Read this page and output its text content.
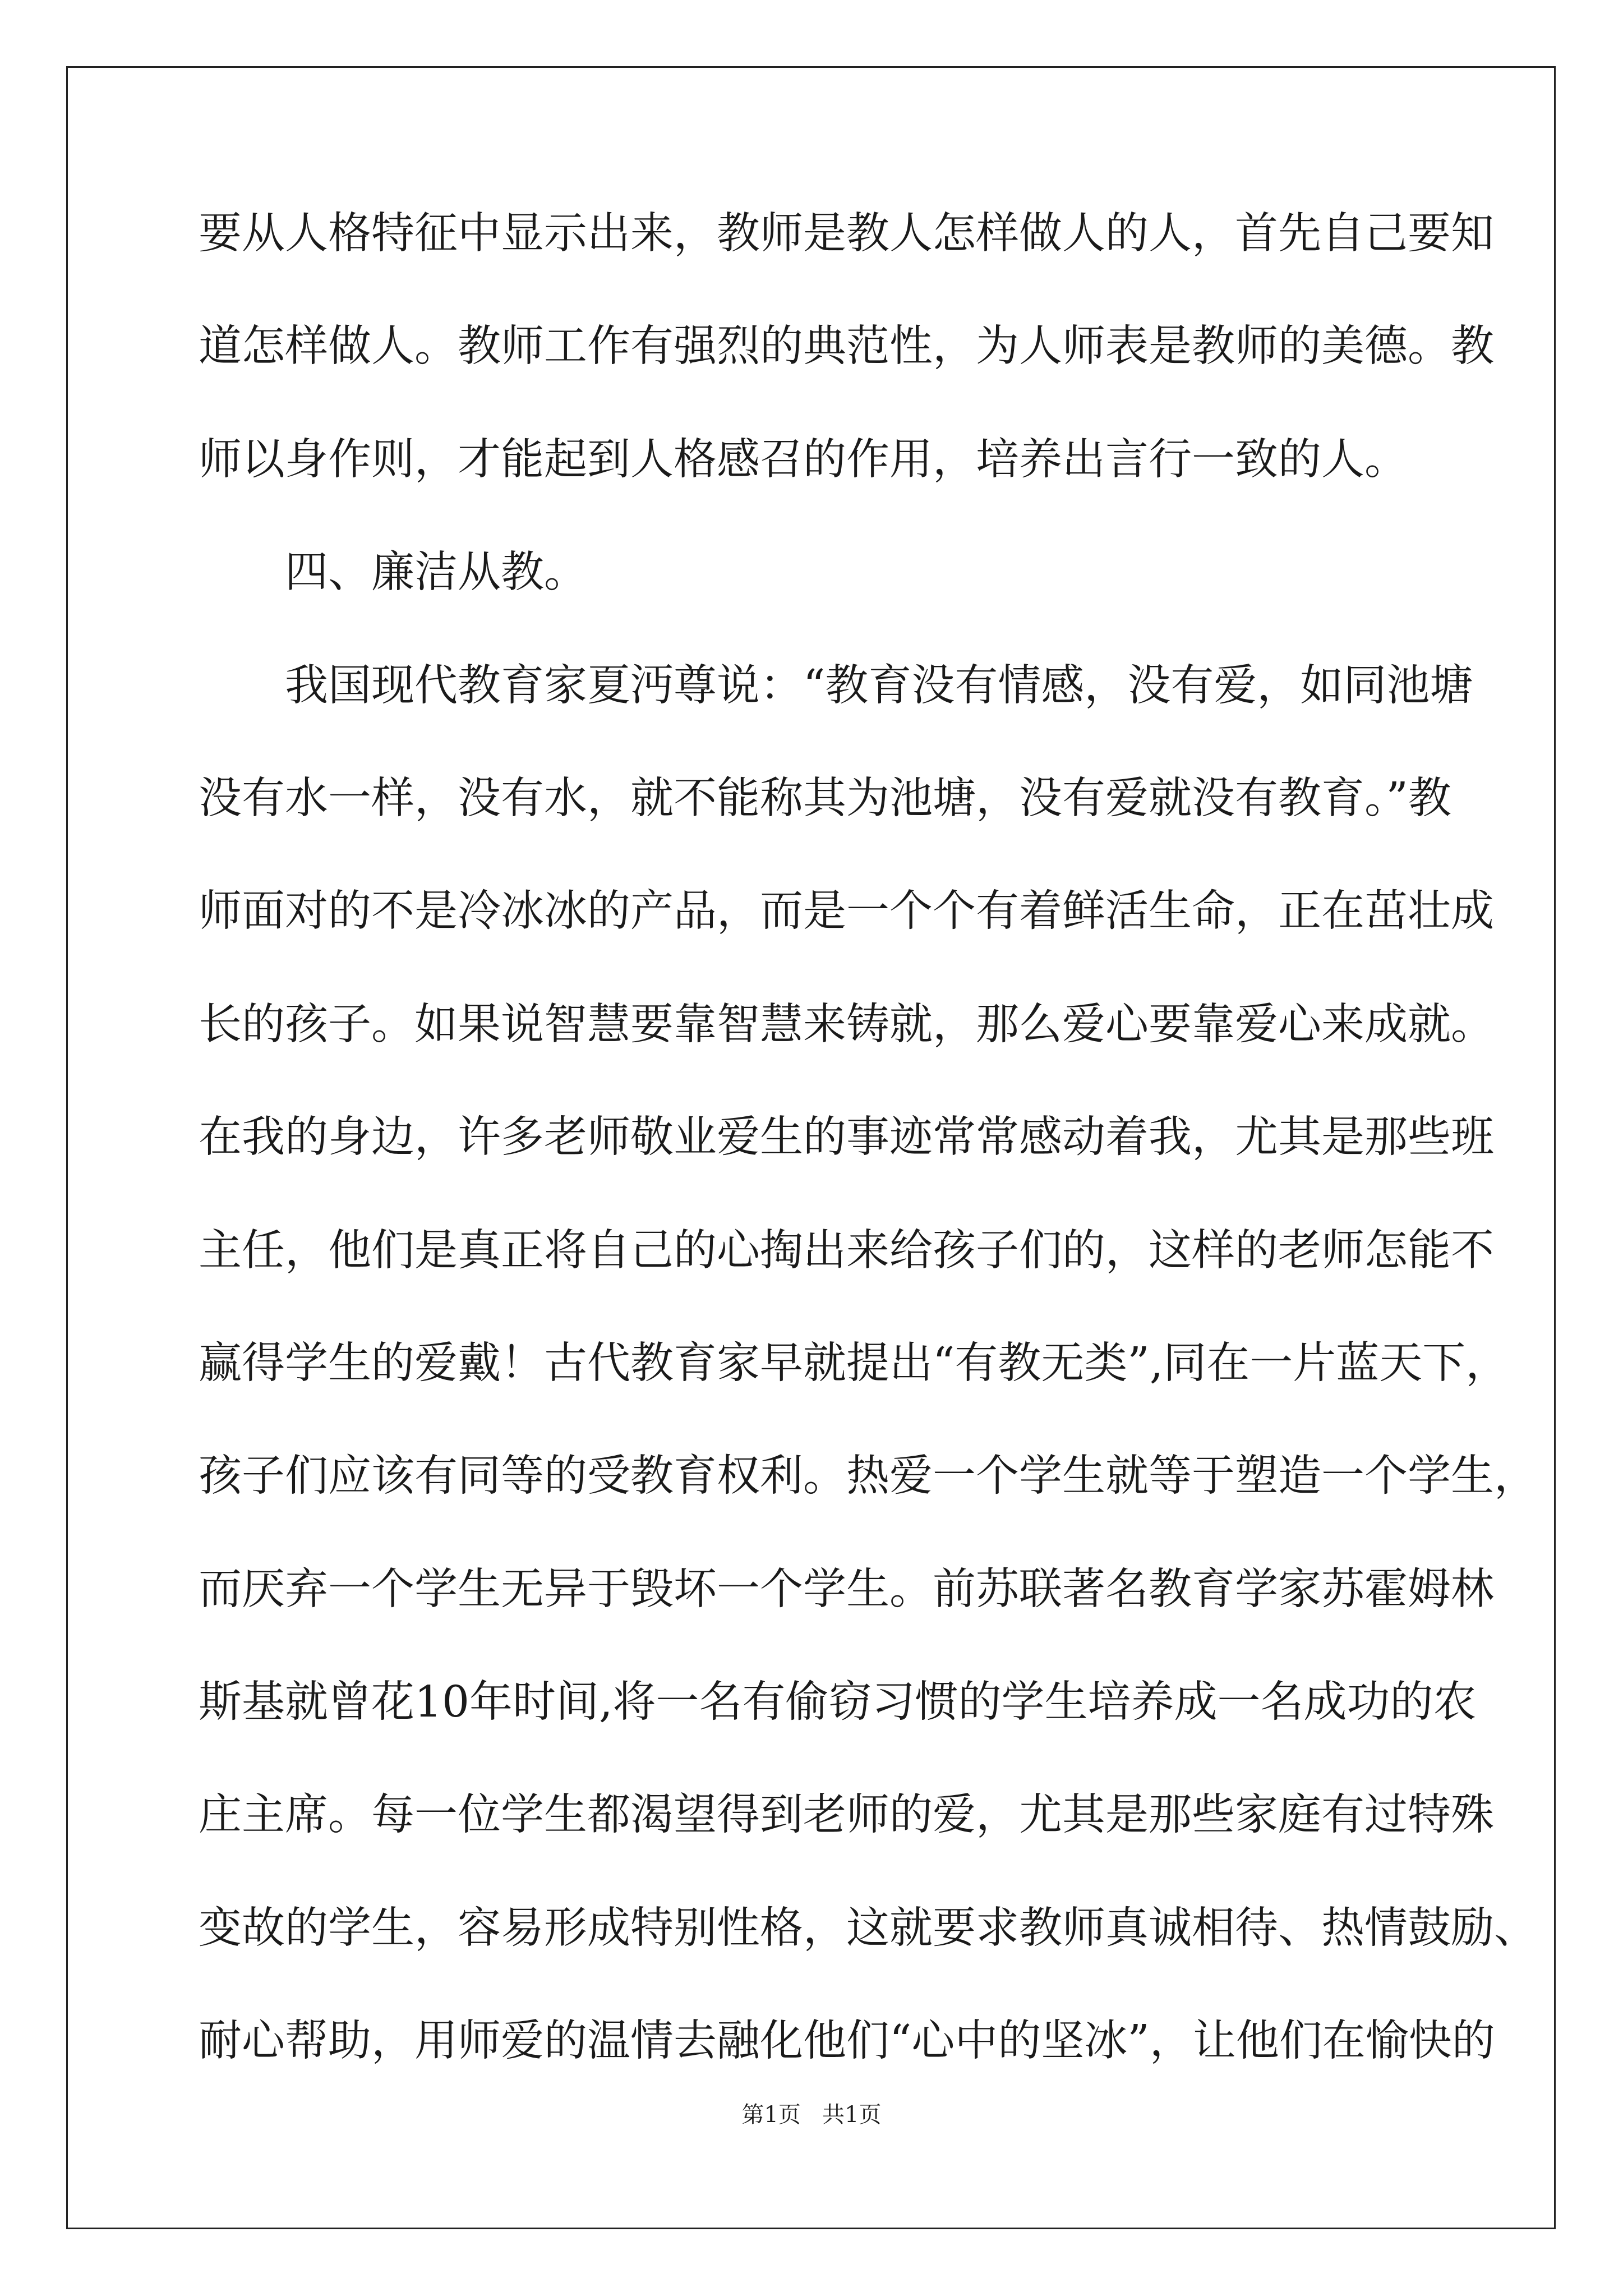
要从人格特征中显示出来，教师是教人怎样做人的人，首先自己要知
道怎样做人。教师工作有强烈的典范性，为人师表是教师的美德。教
师以身作则，才能起到人格感召的作用，培养出言行一致的人。
四、廉洁从教。
我国现代教育家夏沔尊说：“教育没有情感，没有爱，如同池塘
没有水一样，没有水，就不能称其为池塘，没有爱就没有教育。”教
师面对的不是冷冰冰的产品，而是一个个有着鲜活生命，正在茁壮成
长的孩子。如果说智慧要靠智慧来铸就，那么爱心要靠爱心来成就。
在我的身边，许多老师敬业爱生的事迹常常感动着我，尤其是那些班
主任，他们是真正将自己的心掏出来给孩子们的，这样的老师怎能不
赢得学生的爱戴！古代教育家早就提出“有教无类”,同在一片蓝天下，
孩子们应该有同等的受教育权利。热爱一个学生就等于塑造一个学生，
而厌弃一个学生无异于毁坏一个学生。前苏联著名教育学家苏霍姆林
斯基就曾花10年时间,将一名有偷窃习惯的学生培养成一名成功的农
庄主席。每一位学生都渴望得到老师的爱，尤其是那些家庭有过特殊
变故的学生，容易形成特别性格，这就要求教师真诚相待、热情鼓励、
耐心帮助，用师爱的温情去融化他们“心中的坚冰”，让他们在愉快的
第1页   共1页
